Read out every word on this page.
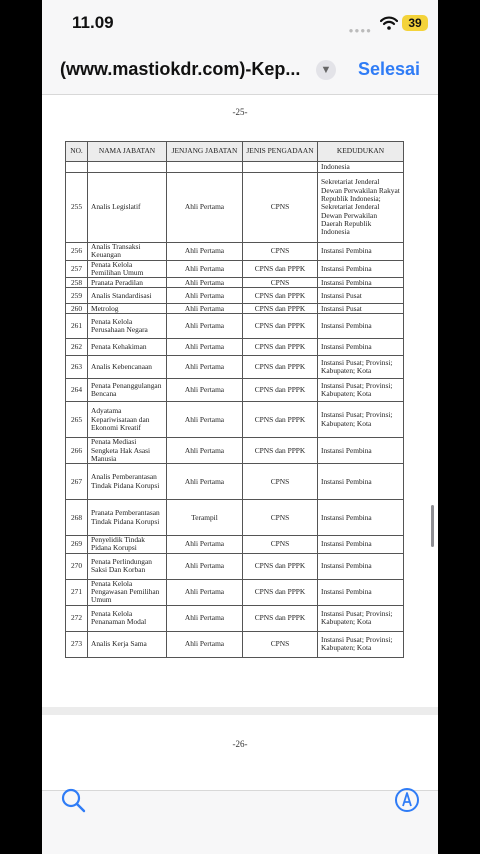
11.09	●●●●
39
(www.mastiokdr.com)-Kep...	▼ Selesai
-25-
NO.	NAMA JABATAN	JENJANG JABATAN	JENIS PENGADAAN	KEDUDUKAN
				Indonesia
255	Analis Legislatif	Ahli Pertama	CPNS	Sekretariat Jenderal Dewan Perwakilan Rakyat Republik Indonesia; Sekretariat Jenderal Dewan Perwakilan Daerah Republik Indonesia
256	Analis Transaksi Keuangan	Ahli Pertama	CPNS	Instansi Pembina
257	Penata Kelola Pemilihan Umum	Ahli Pertama	CPNS dan PPPK	Instansi Pembina
258	Pranata Peradilan	Ahli Pertama	CPNS	Instansi Pembina
259	Analis Standardisasi	Ahli Pertama	CPNS dan PPPK	Instansi Pusat
260	Metrolog	Ahli Pertama	CPNS dan PPPK	Instansi Pusat
261	Penata Kelola Perusahaan Negara	Ahli Pertama	CPNS dan PPPK	Instansi Pembina
262	Penata Kehakiman	Ahli Pertama	CPNS dan PPPK	Instansi Pembina
263	Analis Kebencanaan	Ahli Pertama	CPNS dan PPPK	Instansi Pusat; Provinsi; Kabupaten; Kota
264	Penata Penanggulangan Bencana	Ahli Pertama	CPNS dan PPPK	Instansi Pusat; Provinsi; Kabupaten; Kota
265	Adyatama Kepariwisataan dan Ekonomi Kreatif	Ahli Pertama	CPNS dan PPPK	Instansi Pusat; Provinsi; Kabupaten; Kota
266	Penata Mediasi Sengketa Hak Asasi Manusia	Ahli Pertama	CPNS dan PPPK	Instansi Pembina
267	Analis Pemberantasan Tindak Pidana Korupsi	Ahli Pertama	CPNS	Instansi Pembina
268	Pranata Pemberantasan Tindak Pidana Korupsi	Terampil	CPNS	Instansi Pembina
269	Penyelidik Tindak Pidana Korupsi	Ahli Pertama	CPNS	Instansi Pembina
270	Penata Perlindungan Saksi Dan Korban	Ahli Pertama	CPNS dan PPPK	Instansi Pembina
271	Penata Kelola Pengawasan Pemilihan Umum	Ahli Pertama	CPNS dan PPPK	Instansi Pembina
272	Penata Kelola Penanaman Modal	Ahli Pertama	CPNS dan PPPK	Instansi Pusat; Provinsi; Kabupaten; Kota
273	Analis Kerja Sama	Ahli Pertama	CPNS	Instansi Pusat; Provinsi; Kabupaten; Kota
-26-
